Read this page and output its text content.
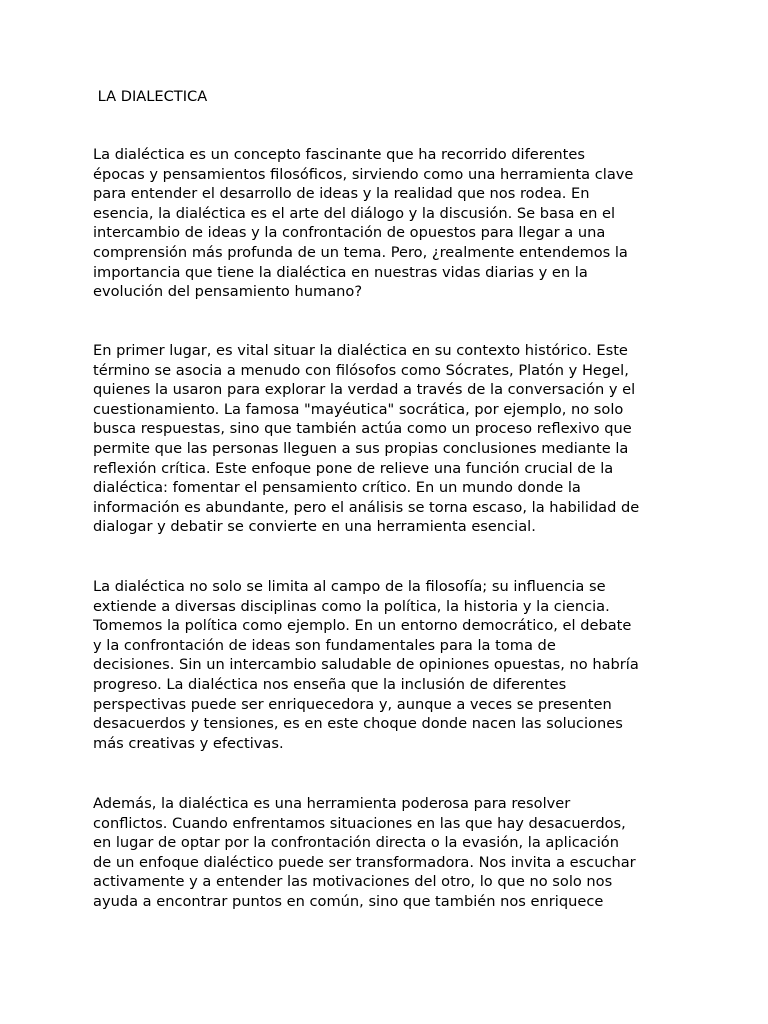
LA DIALECTICA

La dialéctica es un concepto fascinante que ha recorrido diferentes
épocas y pensamientos filosóficos, sirviendo como una herramienta clave
para entender el desarrollo de ideas y la realidad que nos rodea. En
esencia, la dialéctica es el arte del diálogo y la discusión. Se basa en el
intercambio de ideas y la confrontación de opuestos para llegar a una
comprensión más profunda de un tema. Pero, ¿realmente entendemos la
importancia que tiene la dialéctica en nuestras vidas diarias y en la
evolución del pensamiento humano?

En primer lugar, es vital situar la dialéctica en su contexto histórico. Este
término se asocia a menudo con filósofos como Sócrates, Platón y Hegel,
quienes la usaron para explorar la verdad a través de la conversación y el
cuestionamiento. La famosa "mayéutica" socrática, por ejemplo, no solo
busca respuestas, sino que también actúa como un proceso reflexivo que
permite que las personas lleguen a sus propias conclusiones mediante la
reflexión crítica. Este enfoque pone de relieve una función crucial de la
dialéctica: fomentar el pensamiento crítico. En un mundo donde la
información es abundante, pero el análisis se torna escaso, la habilidad de
dialogar y debatir se convierte en una herramienta esencial.

La dialéctica no solo se limita al campo de la filosofía; su influencia se
extiende a diversas disciplinas como la política, la historia y la ciencia.
Tomemos la política como ejemplo. En un entorno democrático, el debate
y la confrontación de ideas son fundamentales para la toma de
decisiones. Sin un intercambio saludable de opiniones opuestas, no habría
progreso. La dialéctica nos enseña que la inclusión de diferentes
perspectivas puede ser enriquecedora y, aunque a veces se presenten
desacuerdos y tensiones, es en este choque donde nacen las soluciones
más creativas y efectivas.

Además, la dialéctica es una herramienta poderosa para resolver
conflictos. Cuando enfrentamos situaciones en las que hay desacuerdos,
en lugar de optar por la confrontación directa o la evasión, la aplicación
de un enfoque dialéctico puede ser transformadora. Nos invita a escuchar
activamente y a entender las motivaciones del otro, lo que no solo nos
ayuda a encontrar puntos en común, sino que también nos enriquece
